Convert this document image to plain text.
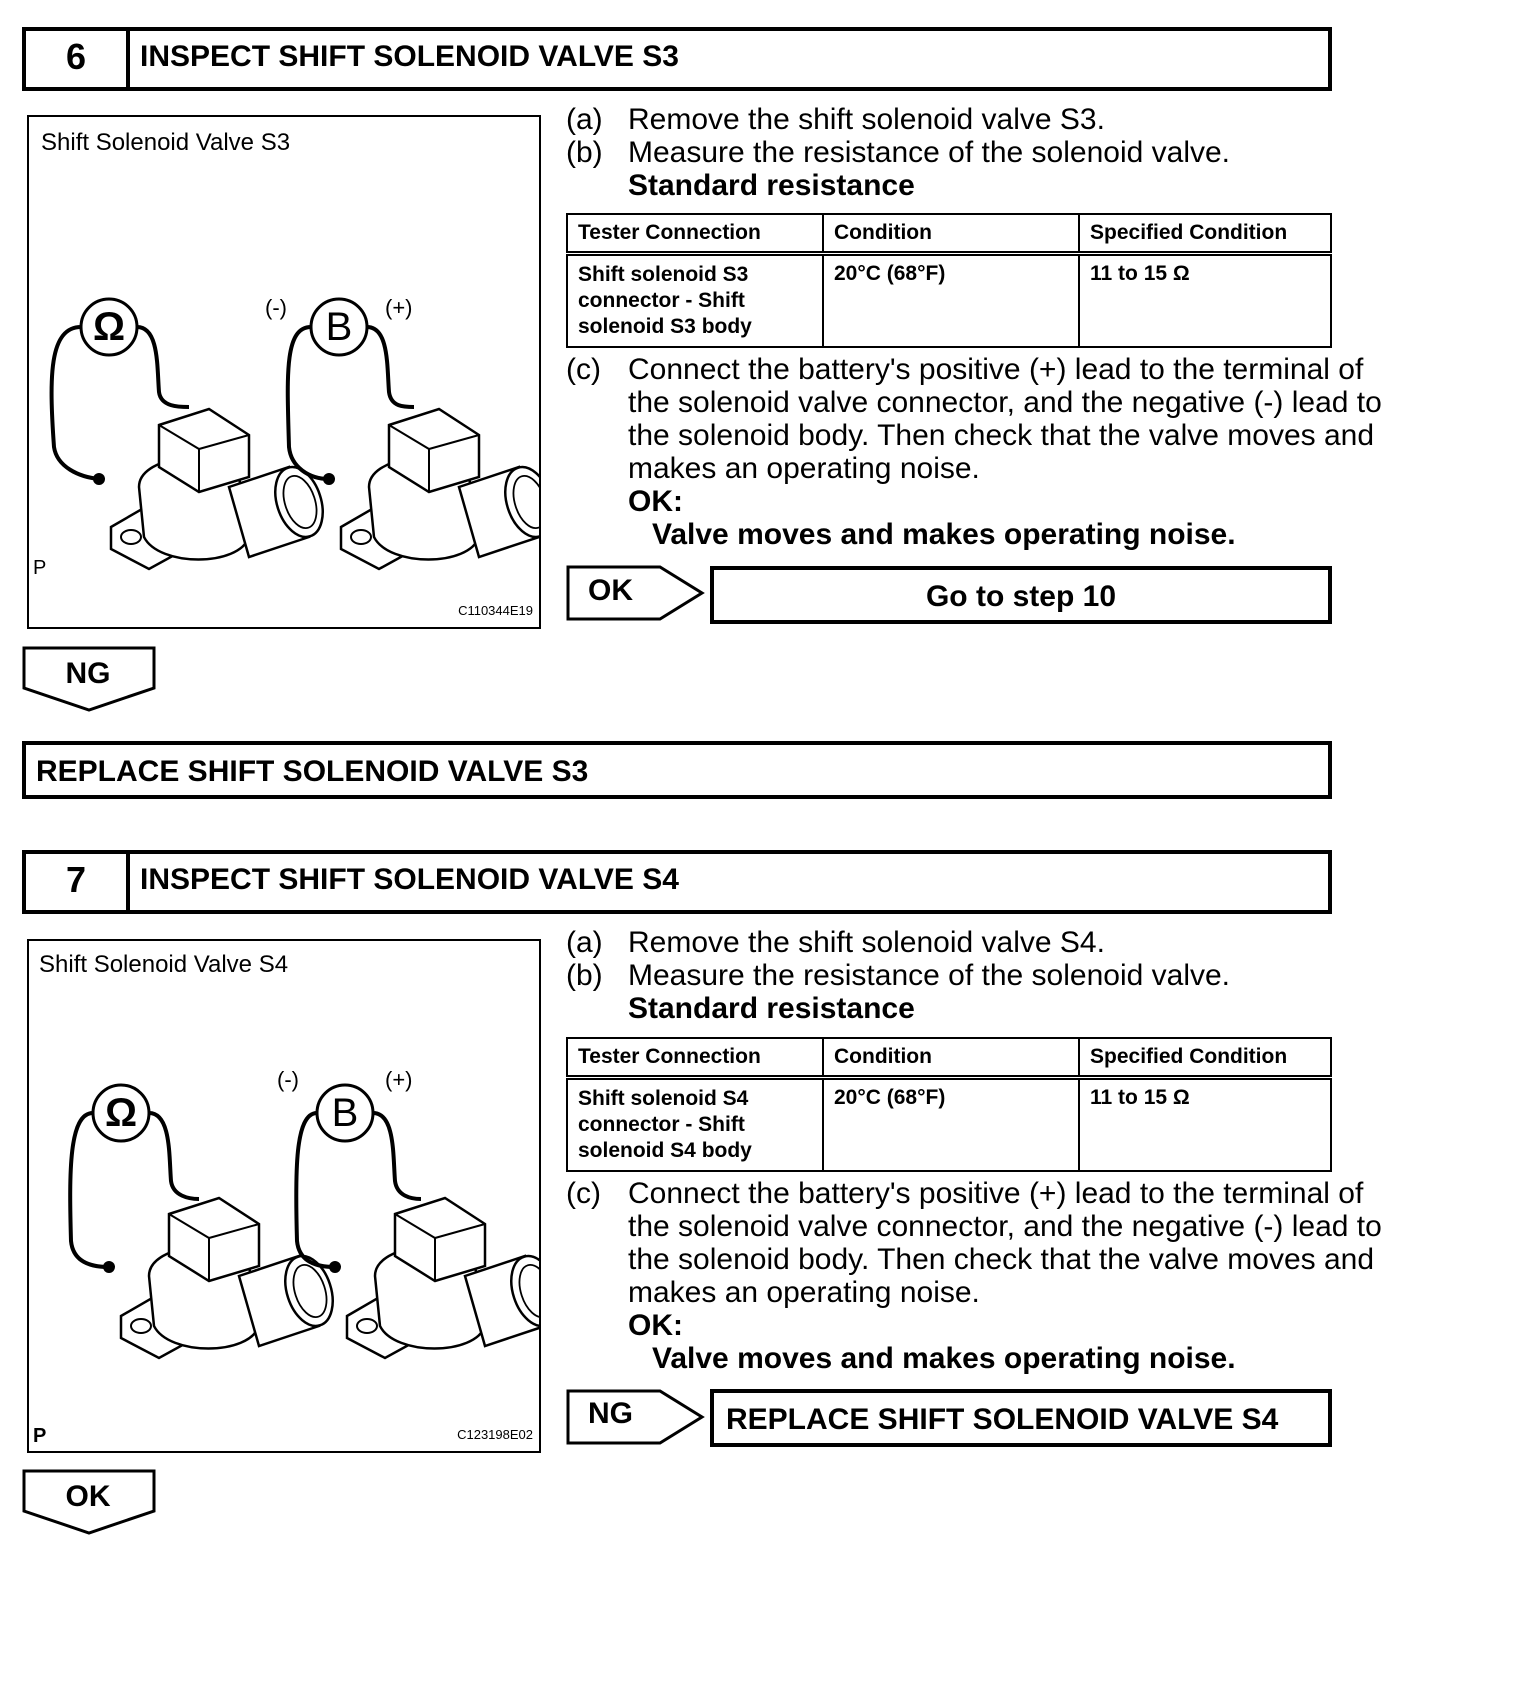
6	INSPECT SHIFT SOLENOID VALVE S3
Shift Solenoid Valve S3
Ω	B
(-)	(+)
P
C110344E19
(a) Remove the shift solenoid valve S3.
(b) Measure the resistance of the solenoid valve.
Standard resistance
Tester Connection	Condition	Specified Condition
Shift solenoid S3 connector - Shift solenoid S3 body	20°C (68°F)	11 to 15 Ω
(c) Connect the battery's positive (+) lead to the terminal of
the solenoid valve connector, and the negative (-) lead to
the solenoid body. Then check that the valve moves and
makes an operating noise.
OK:
Valve moves and makes operating noise.
OK	Go to step 10
NG
REPLACE SHIFT SOLENOID VALVE S3
7	INSPECT SHIFT SOLENOID VALVE S4
Shift Solenoid Valve S4
Ω	B
(-)	(+)
P	C123198E02
(a) Remove the shift solenoid valve S4.
(b) Measure the resistance of the solenoid valve.
Standard resistance
Tester Connection	Condition	Specified Condition
Shift solenoid S4 connector - Shift solenoid S4 body	20°C (68°F)	11 to 15 Ω
(c) Connect the battery's positive (+) lead to the terminal of
the solenoid valve connector, and the negative (-) lead to
the solenoid body. Then check that the valve moves and
makes an operating noise.
OK:
Valve moves and makes operating noise.
NG	REPLACE SHIFT SOLENOID VALVE S4
OK
